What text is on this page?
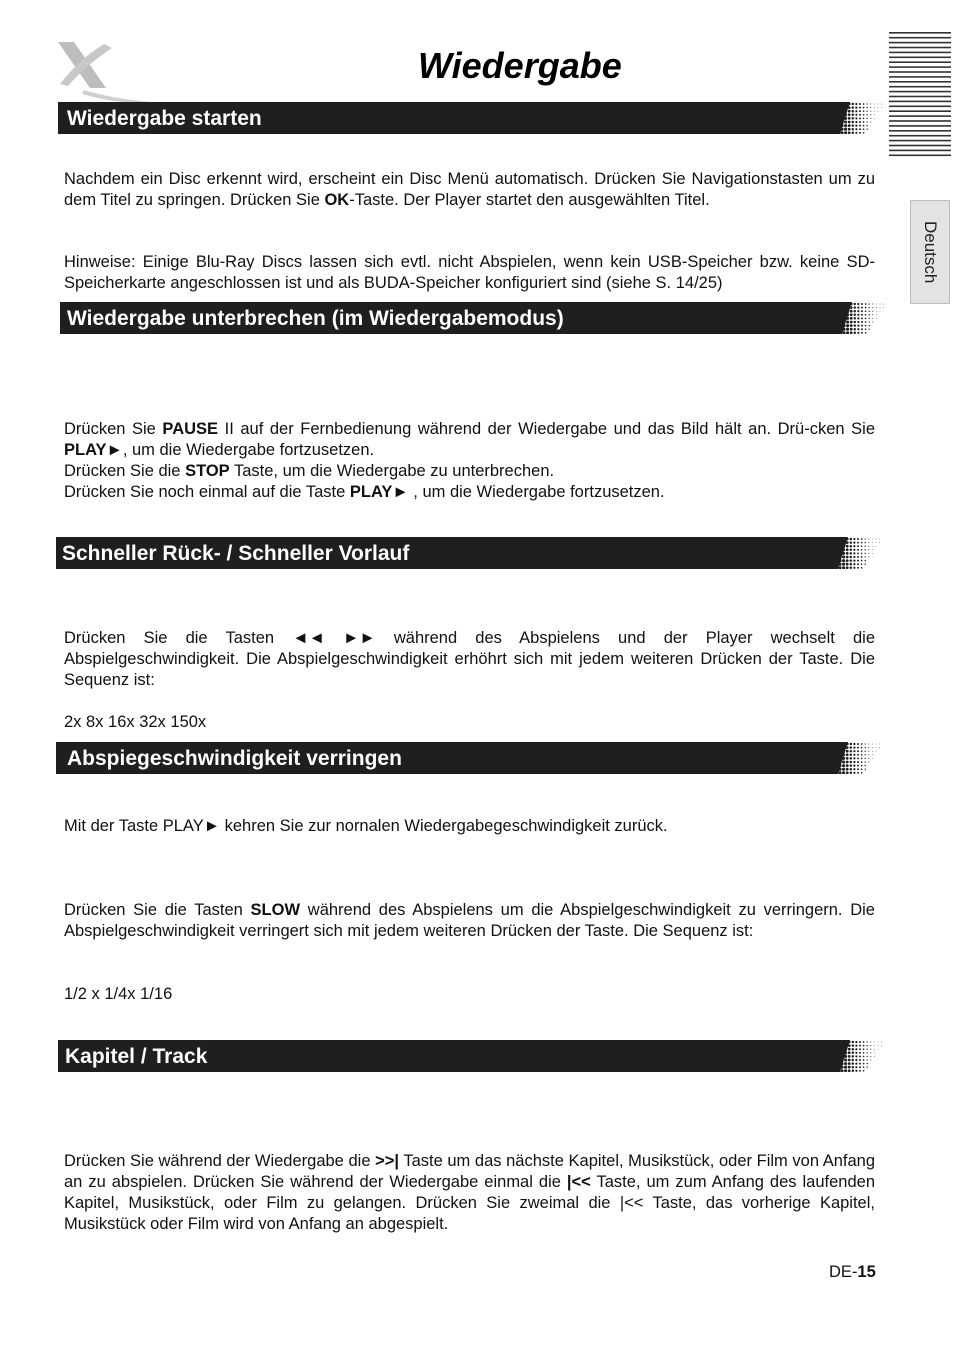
Wiedergabe
Deutsch
Wiedergabe starten

Nachdem ein Disc erkennt wird, erscheint ein Disc Menü automatisch. Drücken Sie Navigationstasten um zu dem Titel zu springen. Drücken Sie OK-Taste. Der Player startet den ausgewählten Titel.

Hinweise: Einige Blu-Ray Discs lassen sich evtl. nicht Abspielen, wenn kein USB-Speicher bzw. keine SD-Speicherkarte angeschlossen ist und als BUDA-Speicher konfiguriert sind (siehe S. 14/25)

Wiedergabe unterbrechen (im Wiedergabemodus)

Drücken Sie PAUSE II auf der Fernbedienung während der Wiedergabe und das Bild hält an. Drü-cken Sie PLAY►, um die Wiedergabe fortzusetzen.

Drücken Sie die STOP Taste, um die Wiedergabe zu unterbrechen.

Drücken Sie noch einmal auf die Taste PLAY► , um die Wiedergabe fortzusetzen.

Schneller Rück- / Schneller Vorlauf

Drücken Sie die Tasten ◄◄ ►► während des Abspielens und der Player wechselt die Abspielgeschwindigkeit. Die Abspielgeschwindigkeit erhöhrt sich mit jedem weiteren Drücken der Taste. Die Sequenz ist:

2x 8x 16x 32x 150x

Abspiegeschwindigkeit verringen

Mit der Taste PLAY► kehren Sie zur nornalen Wiedergabegeschwindigkeit zurück.

Drücken Sie die Tasten SLOW während des Abspielens um die Abspielgeschwindigkeit zu verringern. Die Abspielgeschwindigkeit verringert sich mit jedem weiteren Drücken der Taste. Die Sequenz ist:

1/2 x 1/4x 1/16

Kapitel / Track

Drücken Sie während der Wiedergabe die >>| Taste um das nächste Kapitel, Musikstück, oder Film von Anfang an zu abspielen. Drücken Sie während der Wiedergabe einmal die |<< Taste, um zum Anfang des laufenden Kapitel, Musikstück, oder Film zu gelangen. Drücken Sie zweimal die |<< Taste, das vorherige Kapitel, Musikstück oder Film wird von Anfang an abgespielt.

DE-15
